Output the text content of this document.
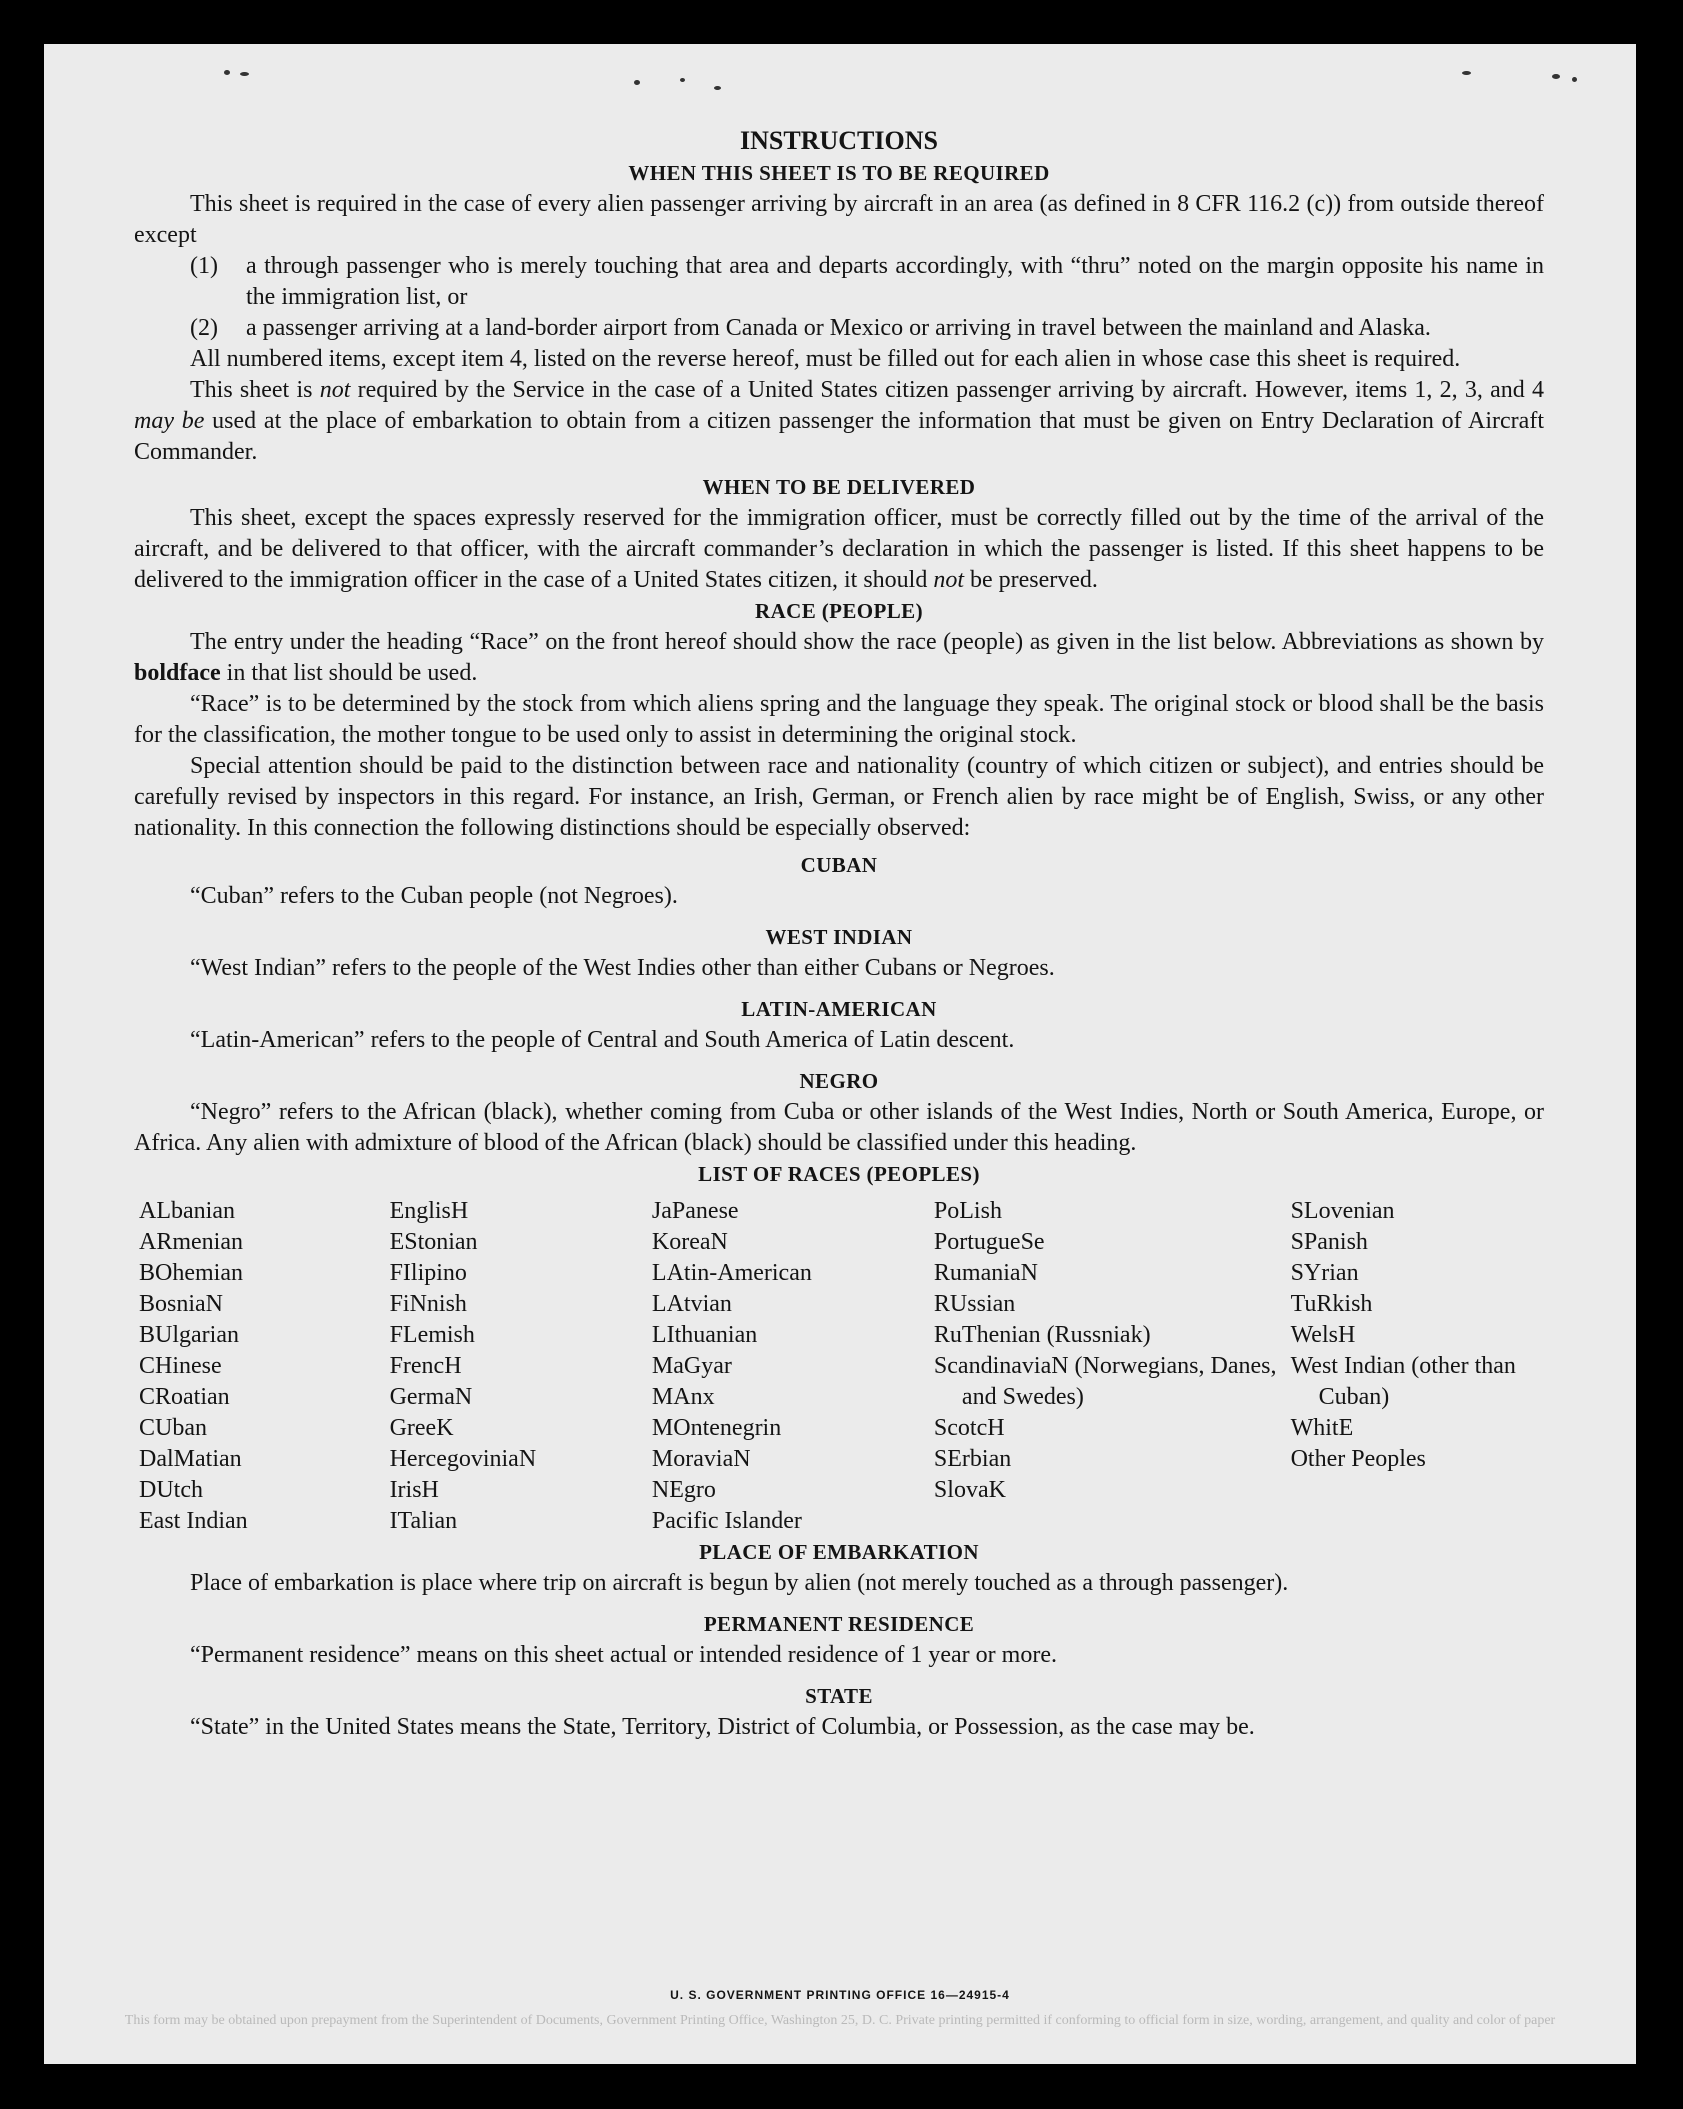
INSTRUCTIONS

WHEN THIS SHEET IS TO BE REQUIRED

This sheet is required in the case of every alien passenger arriving by aircraft in an area (as defined in 8 CFR 116.2 (c)) from outside thereof except

(1)	a through passenger who is merely touching that area and departs accordingly, with “thru” noted on the margin opposite his name in the immigration list, or
(2)	a passenger arriving at a land-border airport from Canada or Mexico or arriving in travel between the mainland and Alaska.

All numbered items, except item 4, listed on the reverse hereof, must be filled out for each alien in whose case this sheet is required.

This sheet is not required by the Service in the case of a United States citizen passenger arriving by aircraft. However, items 1, 2, 3, and 4 may be used at the place of embarkation to obtain from a citizen passenger the information that must be given on Entry Declaration of Aircraft Commander.

WHEN TO BE DELIVERED

This sheet, except the spaces expressly reserved for the immigration officer, must be correctly filled out by the time of the arrival of the aircraft, and be delivered to that officer, with the aircraft commander’s declaration in which the passenger is listed. If this sheet happens to be delivered to the immigration officer in the case of a United States citizen, it should not be preserved.

RACE (PEOPLE)

The entry under the heading “Race” on the front hereof should show the race (people) as given in the list below. Abbreviations as shown by boldface in that list should be used.

“Race” is to be determined by the stock from which aliens spring and the language they speak. The original stock or blood shall be the basis for the classification, the mother tongue to be used only to assist in determining the original stock.

Special attention should be paid to the distinction between race and nationality (country of which citizen or subject), and entries should be carefully revised by inspectors in this regard. For instance, an Irish, German, or French alien by race might be of English, Swiss, or any other nationality. In this connection the following distinctions should be especially observed:

CUBAN

“Cuban” refers to the Cuban people (not Negroes).

WEST INDIAN

“West Indian” refers to the people of the West Indies other than either Cubans or Negroes.

LATIN-AMERICAN

“Latin-American” refers to the people of Central and South America of Latin descent.

NEGRO

“Negro” refers to the African (black), whether coming from Cuba or other islands of the West Indies, North or South America, Europe, or Africa. Any alien with admixture of blood of the African (black) should be classified under this heading.

LIST OF RACES (PEOPLES)

ALbanian
ARmenian
BOhemian
BosniaN
BUlgarian
CHinese
CRoatian
CUban
DalMatian
DUtch
East Indian
EnglisH
EStonian
FIlipino
FiNnish
FLemish
FrencH
GermaN
GreeK
HercegoviniaN
IrisH
ITalian
JaPanese
KoreaN
LAtin-American
LAtvian
LIthuanian
MaGyar
MAnx
MOntenegrin
MoraviaN
NEgro
Pacific Islander
PoLish
PortugueSe
RumaniaN
RUssian
RuThenian (Russniak)
ScandinaviaN (Norwegians, Danes, and Swedes)
ScotcH
SErbian
SlovaK
SLovenian
SPanish
SYrian
TuRkish
WelsH
West Indian (other than Cuban)
WhitE
Other Peoples

PLACE OF EMBARKATION

Place of embarkation is place where trip on aircraft is begun by alien (not merely touched as a through passenger).

PERMANENT RESIDENCE

“Permanent residence” means on this sheet actual or intended residence of 1 year or more.

STATE

“State” in the United States means the State, Territory, District of Columbia, or Possession, as the case may be.

U. S. GOVERNMENT PRINTING OFFICE 16—24915-4
This form may be obtained upon prepayment from the Superintendent of Documents, Government Printing Office, Washington 25, D. C. Private printing permitted if conforming to official form in size, wording, arrangement, and quality and color of paper
